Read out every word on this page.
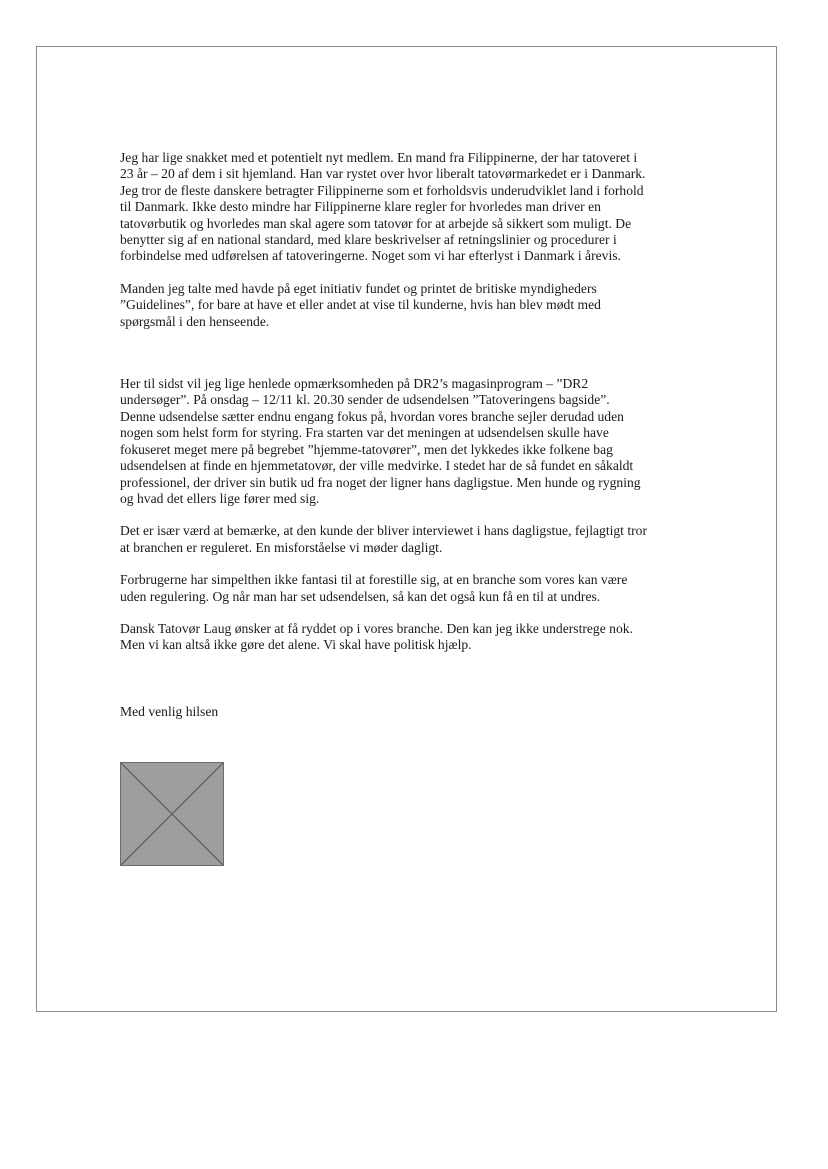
Jeg har lige snakket med et potentielt nyt medlem. En mand fra Filippinerne, der har tatoveret i
23 år – 20 af dem i sit hjemland. Han var rystet over hvor liberalt tatovørmarkedet er i Danmark.
Jeg tror de fleste danskere betragter Filippinerne som et forholdsvis underudviklet land i forhold
til Danmark. Ikke desto mindre har Filippinerne klare regler for hvorledes man driver en
tatovørbutik og hvorledes man skal agere som tatovør for at arbejde så sikkert som muligt. De
benytter sig af en national standard, med klare beskrivelser af retningslinier og procedurer i
forbindelse med udførelsen af tatoveringerne. Noget som vi har efterlyst i Danmark i årevis.

Manden jeg talte med havde på eget initiativ fundet og printet de britiske myndigheders
”Guidelines”, for bare at have et eller andet at vise til kunderne, hvis han blev mødt med
spørgsmål i den henseende.

Her til sidst vil jeg lige henlede opmærksomheden på DR2’s magasinprogram – ”DR2
undersøger”. På onsdag – 12/11 kl. 20.30 sender de udsendelsen ”Tatoveringens bagside”.
Denne udsendelse sætter endnu engang fokus på, hvordan vores branche sejler derudad uden
nogen som helst form for styring. Fra starten var det meningen at udsendelsen skulle have
fokuseret meget mere på begrebet ”hjemme-tatovører”, men det lykkedes ikke folkene bag
udsendelsen at finde en hjemmetatovør, der ville medvirke. I stedet har de så fundet en såkaldt
professionel, der driver sin butik ud fra noget der ligner hans dagligstue. Men hunde og rygning
og hvad det ellers lige fører med sig.

Det er især værd at bemærke, at den kunde der bliver interviewet i hans dagligstue, fejlagtigt tror
at branchen er reguleret. En misforståelse vi møder dagligt.

Forbrugerne har simpelthen ikke fantasi til at forestille sig, at en branche som vores kan være
uden regulering. Og når man har set udsendelsen, så kan det også kun få en til at undres.

Dansk Tatovør Laug ønsker at få ryddet op i vores branche. Den kan jeg ikke understrege nok.
Men vi kan altså ikke gøre det alene. Vi skal have politisk hjælp.

Med venlig hilsen
